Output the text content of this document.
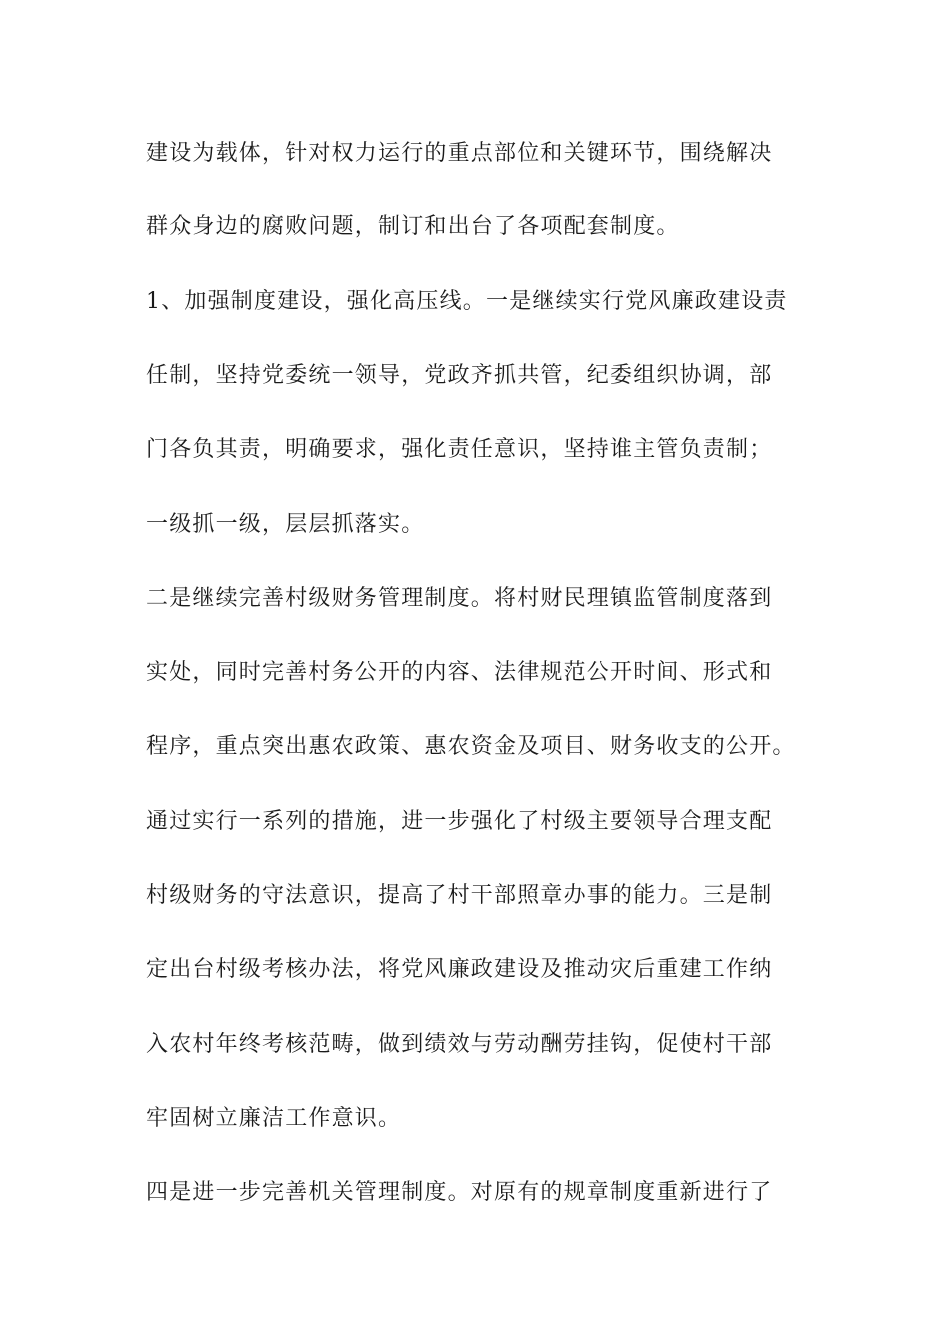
建设为载体，针对权力运行的重点部位和关键环节，围绕解决
群众身边的腐败问题，制订和出台了各项配套制度。
1、加强制度建设，强化高压线。一是继续实行党风廉政建设责
任制，坚持党委统一领导，党政齐抓共管，纪委组织协调，部
门各负其责，明确要求，强化责任意识，坚持谁主管负责制；
一级抓一级，层层抓落实。
二是继续完善村级财务管理制度。将村财民理镇监管制度落到
实处，同时完善村务公开的内容、法律规范公开时间、形式和
程序，重点突出惠农政策、惠农资金及项目、财务收支的公开。
通过实行一系列的措施，进一步强化了村级主要领导合理支配
村级财务的守法意识，提高了村干部照章办事的能力。三是制
定出台村级考核办法，将党风廉政建设及推动灾后重建工作纳
入农村年终考核范畴，做到绩效与劳动酬劳挂钩，促使村干部
牢固树立廉洁工作意识。
四是进一步完善机关管理制度。对原有的规章制度重新进行了
